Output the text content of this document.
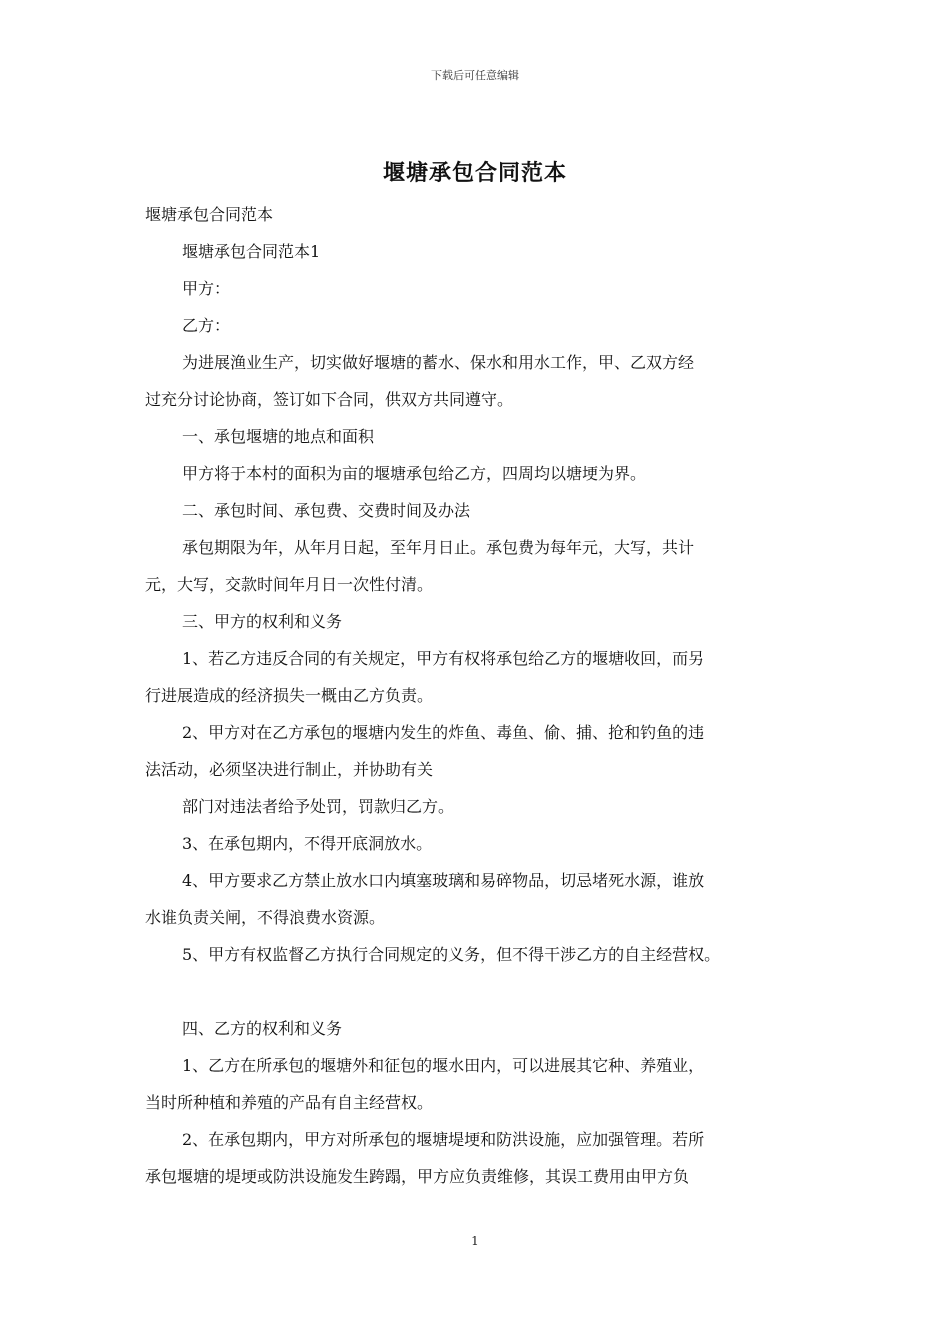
下载后可任意编辑
堰塘承包合同范本

堰塘承包合同范本

堰塘承包合同范本1

甲方：

乙方：

为进展渔业生产，切实做好堰塘的蓄水、保水和用水工作，甲、乙双方经

过充分讨论协商，签订如下合同，供双方共同遵守。

一、承包堰塘的地点和面积

甲方将于本村的面积为亩的堰塘承包给乙方，四周均以塘埂为界。

二、承包时间、承包费、交费时间及办法

承包期限为年，从年月日起，至年月日止。承包费为每年元，大写，共计

元，大写，交款时间年月日一次性付清。

三、甲方的权利和义务

1、若乙方违反合同的有关规定，甲方有权将承包给乙方的堰塘收回，而另

行进展造成的经济损失一概由乙方负责。

2、甲方对在乙方承包的堰塘内发生的炸鱼、毒鱼、偷、捕、抢和钓鱼的违

法活动，必须坚决进行制止，并协助有关

部门对违法者给予处罚，罚款归乙方。

3、在承包期内，不得开底洞放水。

4、甲方要求乙方禁止放水口内填塞玻璃和易碎物品，切忌堵死水源，谁放

水谁负责关闸，不得浪费水资源。

5、甲方有权监督乙方执行合同规定的义务，但不得干涉乙方的自主经营权。

四、乙方的权利和义务

1、乙方在所承包的堰塘外和征包的堰水田内，可以进展其它种、养殖业，

当时所种植和养殖的产品有自主经营权。

2、在承包期内，甲方对所承包的堰塘堤埂和防洪设施，应加强管理。若所

承包堰塘的堤埂或防洪设施发生跨蹋，甲方应负责维修，其误工费用由甲方负

1
